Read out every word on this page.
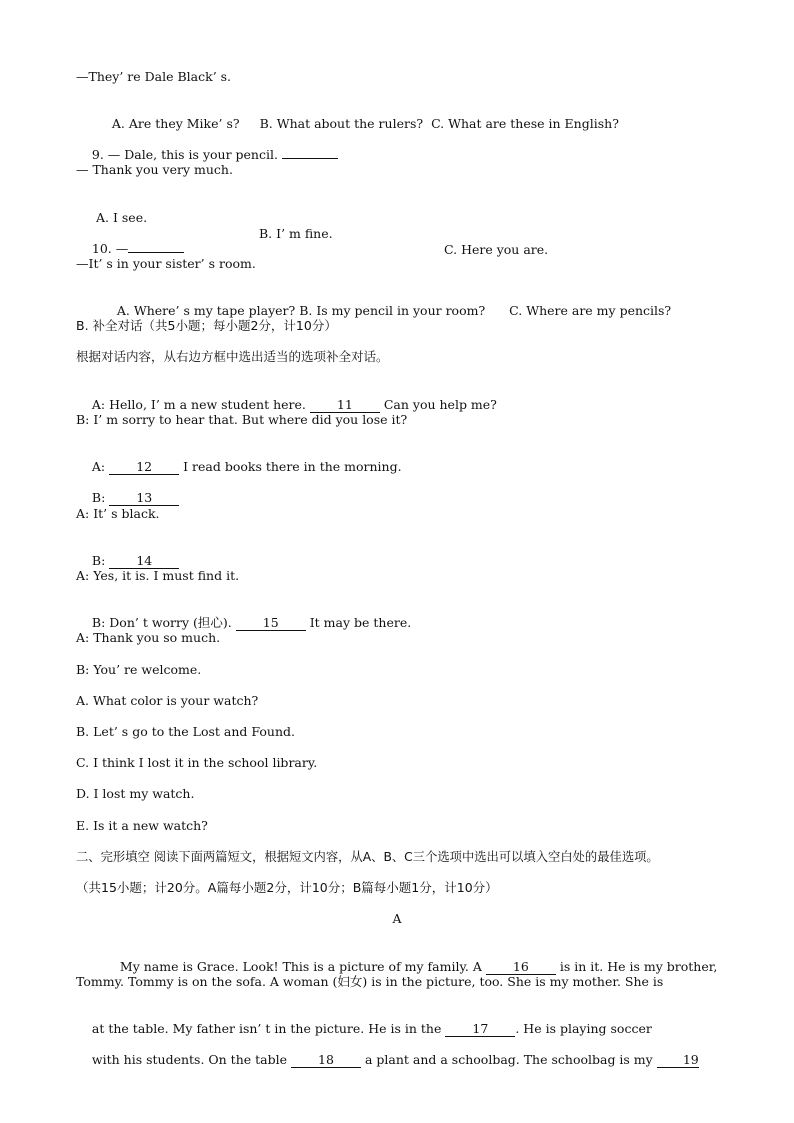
—They’ re Dale Black’ s.

A. Are they Mike’ s? B. What about the rulers? C. What are these in English?

9. — Dale, this is your pencil.

— Thank you very much.

A. I see.

B. I’ m fine.

C. Here you are.

10. —

—It’ s in your sister’ s room.

A. Where’ s my tape player? B. Is my pencil in your room? C. Where are my pencils?

B. 补全对话（共5小题；每小题2分，计10分）
根据对话内容，从右边方框中选出适当的选项补全对话。

A: Hello, I’ m a new student here. 11 Can you help me?

B: I’ m sorry to hear that. But where did you lose it?

A: 12 I read books there in the morning.

B: 13

A: It’ s black.

B: 14

A: Yes, it is. I must find it.

B: Don’ t worry (担心). 15 It may be there.

A: Thank you so much.
B: You’ re welcome.
A. What color is your watch?
B. Let’ s go to the Lost and Found.
C. I think I lost it in the school library.
D. I lost my watch.
E. Is it a new watch?
二、完形填空 阅读下面两篇短文，根据短文内容，从A、B、C三个选项中选出可以填入空白处的最佳选项。
（共15小题；计20分。A篇每小题2分，计10分；B篇每小题1分，计10分）
A

My name is Grace. Look! This is a picture of my family. A 16 is in it. He is my brother,

Tommy. Tommy is on the sofa. A woman (妇女) is in the picture, too. She is my mother. She is

at the table. My father isn’ t in the picture. He is in the 17 . He is playing soccer

with his students. On the table 18 a plant and a schoolbag. The schoolbag is my 19
